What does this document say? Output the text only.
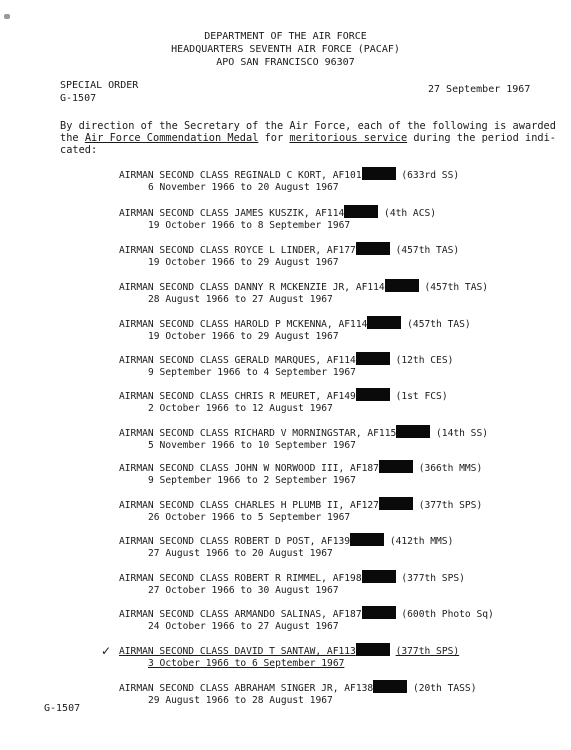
DEPARTMENT OF THE AIR FORCE
HEADQUARTERS SEVENTH AIR FORCE (PACAF)
APO SAN FRANCISCO 96307
SPECIAL ORDER
G-1507
27 September 1967
By direction of the Secretary of the Air Force, each of the following is awarded
the Air Force Commendation Medal for meritorious service during the period indi-
cated:
AIRMAN SECOND CLASS REGINALD C KORT, AF101	(633rd SS)
6 November 1966 to 20 August 1967
AIRMAN SECOND CLASS JAMES KUSZIK, AF114	(4th ACS)
19 October 1966 to 8 September 1967
AIRMAN SECOND CLASS ROYCE L LINDER, AF177	(457th TAS)
19 October 1966 to 29 August 1967
AIRMAN SECOND CLASS DANNY R MCKENZIE JR, AF114	(457th TAS)
28 August 1966 to 27 August 1967
AIRMAN SECOND CLASS HAROLD P MCKENNA, AF114	(457th TAS)
19 October 1966 to 29 August 1967
AIRMAN SECOND CLASS GERALD MARQUES, AF114	(12th CES)
9 September 1966 to 4 September 1967
AIRMAN SECOND CLASS CHRIS R MEURET, AF149	(1st FCS)
2 October 1966 to 12 August 1967
AIRMAN SECOND CLASS RICHARD V MORNINGSTAR, AF115	(14th SS)
5 November 1966 to 10 September 1967
AIRMAN SECOND CLASS JOHN W NORWOOD III, AF187	(366th MMS)
9 September 1966 to 2 September 1967
AIRMAN SECOND CLASS CHARLES H PLUMB II, AF127	(377th SPS)
26 October 1966 to 5 September 1967
AIRMAN SECOND CLASS ROBERT D POST, AF139	(412th MMS)
27 August 1966 to 20 August 1967
AIRMAN SECOND CLASS ROBERT R RIMMEL, AF198	(377th SPS)
27 October 1966 to 30 August 1967
AIRMAN SECOND CLASS ARMANDO SALINAS, AF187	(600th Photo Sq)
24 October 1966 to 27 August 1967
AIRMAN SECOND CLASS DAVID T SANTAW, AF113	(377th SPS)
3 October 1966 to 6 September 1967
✓
AIRMAN SECOND CLASS ABRAHAM SINGER JR, AF138	(20th TASS)
29 August 1966 to 28 August 1967
G-1507
